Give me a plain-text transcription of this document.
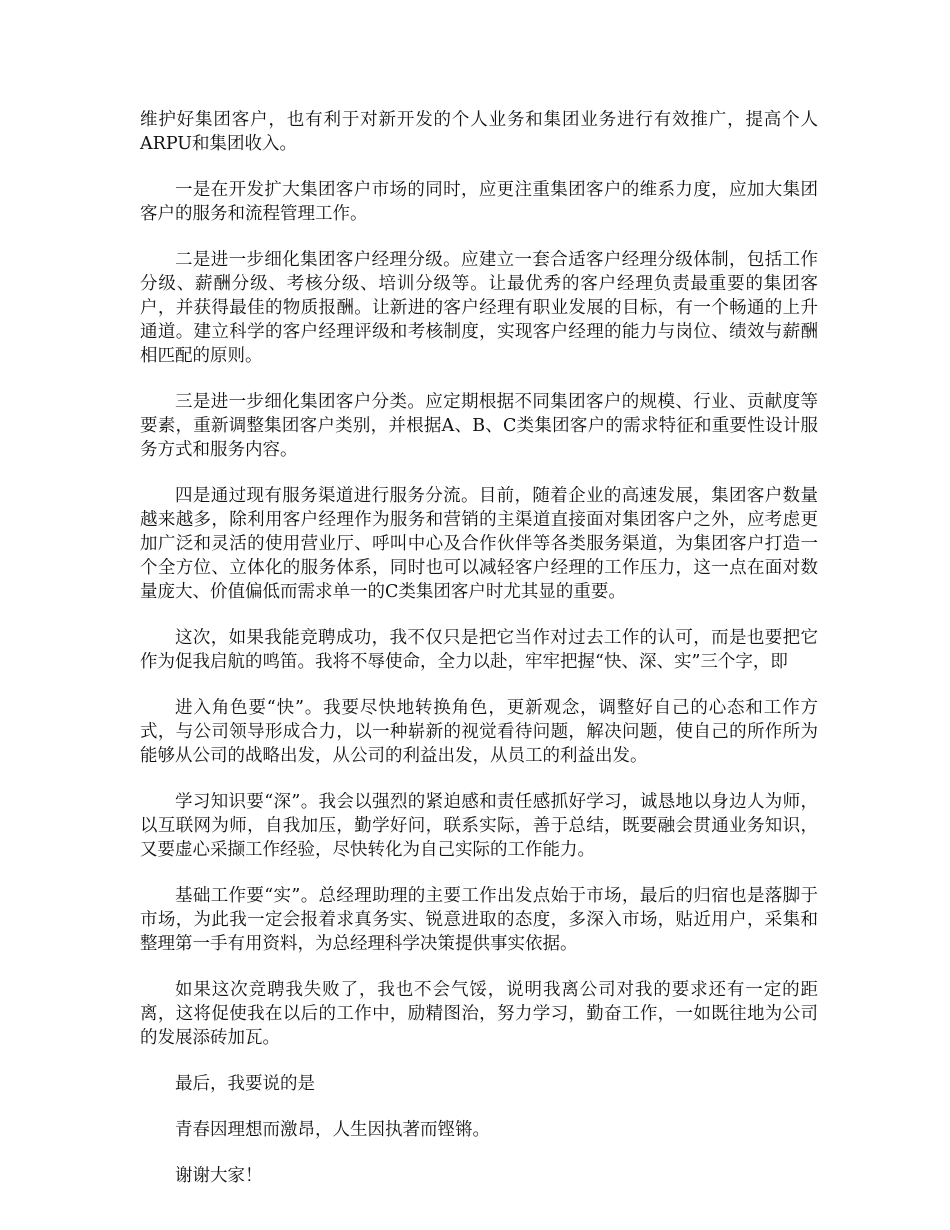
维护好集团客户，也有利于对新开发的个人业务和集团业务进行有效推广，提高个人ARPU和集团收入。

一是在开发扩大集团客户市场的同时，应更注重集团客户的维系力度，应加大集团客户的服务和流程管理工作。

二是进一步细化集团客户经理分级。应建立一套合适客户经理分级体制，包括工作分级、薪酬分级、考核分级、培训分级等。让最优秀的客户经理负责最重要的集团客户，并获得最佳的物质报酬。让新进的客户经理有职业发展的目标，有一个畅通的上升通道。建立科学的客户经理评级和考核制度，实现客户经理的能力与岗位、绩效与薪酬相匹配的原则。

三是进一步细化集团客户分类。应定期根据不同集团客户的规模、行业、贡献度等要素，重新调整集团客户类别，并根据A、B、C类集团客户的需求特征和重要性设计服务方式和服务内容。

四是通过现有服务渠道进行服务分流。目前，随着企业的高速发展，集团客户数量越来越多，除利用客户经理作为服务和营销的主渠道直接面对集团客户之外，应考虑更加广泛和灵活的使用营业厅、呼叫中心及合作伙伴等各类服务渠道，为集团客户打造一个全方位、立体化的服务体系，同时也可以减轻客户经理的工作压力，这一点在面对数量庞大、价值偏低而需求单一的C类集团客户时尤其显的重要。

这次，如果我能竞聘成功，我不仅只是把它当作对过去工作的认可，而是也要把它作为促我启航的鸣笛。我将不辱使命，全力以赴，牢牢把握“快、深、实”三个字，即

进入角色要“快”。我要尽快地转换角色，更新观念，调整好自己的心态和工作方式，与公司领导形成合力，以一种崭新的视觉看待问题，解决问题，使自己的所作所为能够从公司的战略出发，从公司的利益出发，从员工的利益出发。

学习知识要“深”。我会以强烈的紧迫感和责任感抓好学习，诚恳地以身边人为师，以互联网为师，自我加压，勤学好问，联系实际，善于总结，既要融会贯通业务知识，又要虚心采撷工作经验，尽快转化为自己实际的工作能力。

基础工作要“实”。总经理助理的主要工作出发点始于市场，最后的归宿也是落脚于市场，为此我一定会报着求真务实、锐意进取的态度，多深入市场，贴近用户，采集和整理第一手有用资料，为总经理科学决策提供事实依据。

如果这次竞聘我失败了，我也不会气馁，说明我离公司对我的要求还有一定的距离，这将促使我在以后的工作中，励精图治，努力学习，勤奋工作，一如既往地为公司的发展添砖加瓦。

最后，我要说的是

青春因理想而激昂，人生因执著而铿锵。

谢谢大家！
